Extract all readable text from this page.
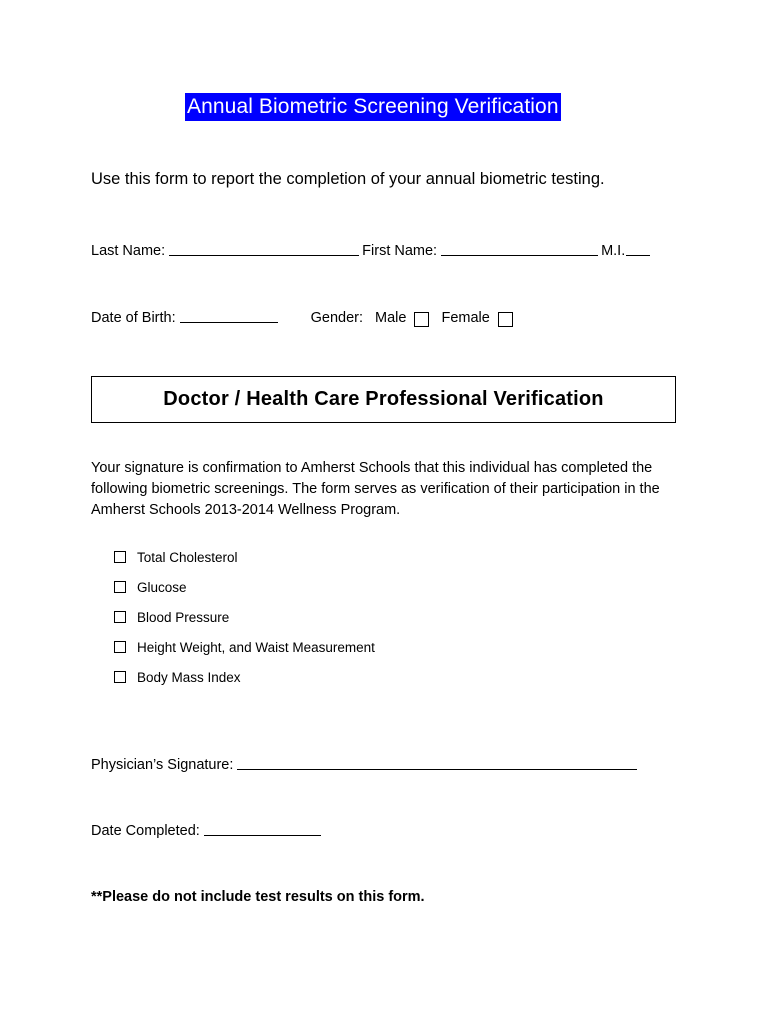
Annual Biometric Screening Verification
Use this form to report the completion of your annual biometric testing.
Last Name:	First Name:	M.I.
Date of Birth:	Gender: Male Female
Doctor / Health Care Professional Verification
Your signature is confirmation to Amherst Schools that this individual has completed the following biometric screenings. The form serves as verification of their participation in the Amherst Schools 2013-2014 Wellness Program.
Total Cholesterol
Glucose
Blood Pressure
Height Weight, and Waist Measurement
Body Mass Index
Physician’s Signature:
Date Completed:
**Please do not include test results on this form.
